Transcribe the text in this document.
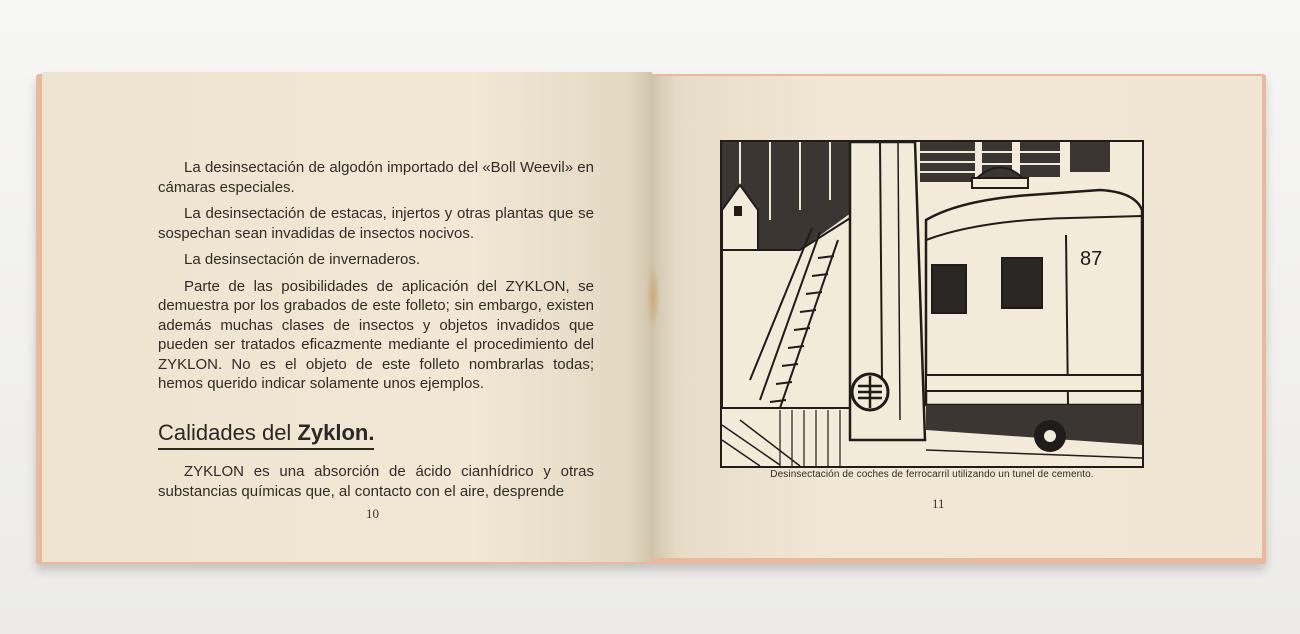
La desinsectación de algodón importado del «Boll Weevil» en cámaras especiales.

La desinsectación de estacas, injertos y otras plantas que se sospechan sean invadidas de insectos nocivos.

La desinsectación de invernaderos.

Parte de las posibilidades de aplicación del ZYKLON, se demuestra por los grabados de este folleto; sin embargo, existen además muchas clases de insectos y objetos invadidos que pueden ser tratados eficazmente mediante el procedimiento del ZYKLON. No es el objeto de este folleto nombrarlas todas; hemos querido indicar solamente unos ejemplos.

Calidades del Zyklon.

ZYKLON es una absorción de ácido cianhídrico y otras substancias químicas que, al contacto con el aire, desprende

10
87
Desinsectación de coches de ferrocarril utilizando un tunel de cemento.
11
